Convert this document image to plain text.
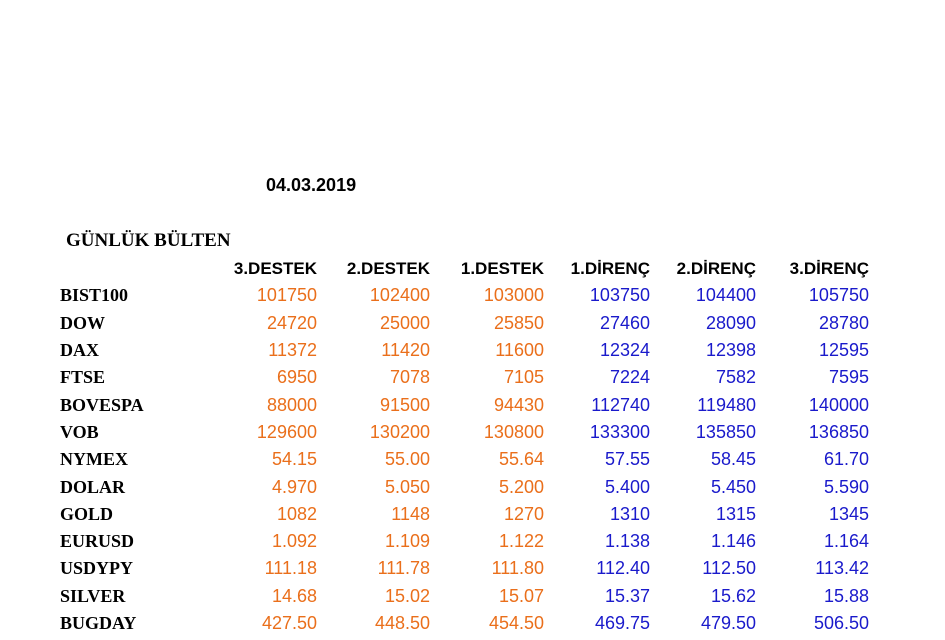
04.03.2019
GÜNLÜK BÜLTEN
	3.DESTEK	2.DESTEK	1.DESTEK	1.DİRENÇ	2.DİRENÇ	3.DİRENÇ
BIST100	101750	102400	103000	103750	104400	105750
DOW	24720	25000	25850	27460	28090	28780
DAX	11372	11420	11600	12324	12398	12595
FTSE	6950	7078	7105	7224	7582	7595
BOVESPA	88000	91500	94430	112740	119480	140000
VOB	129600	130200	130800	133300	135850	136850
NYMEX	54.15	55.00	55.64	57.55	58.45	61.70
DOLAR	4.970	5.050	5.200	5.400	5.450	5.590
GOLD	1082	1148	1270	1310	1315	1345
EURUSD	1.092	1.109	1.122	1.138	1.146	1.164
USDYPY	111.18	111.78	111.80	112.40	112.50	113.42
SILVER	14.68	15.02	15.07	15.37	15.62	15.88
BUGDAY	427.50	448.50	454.50	469.75	479.50	506.50
